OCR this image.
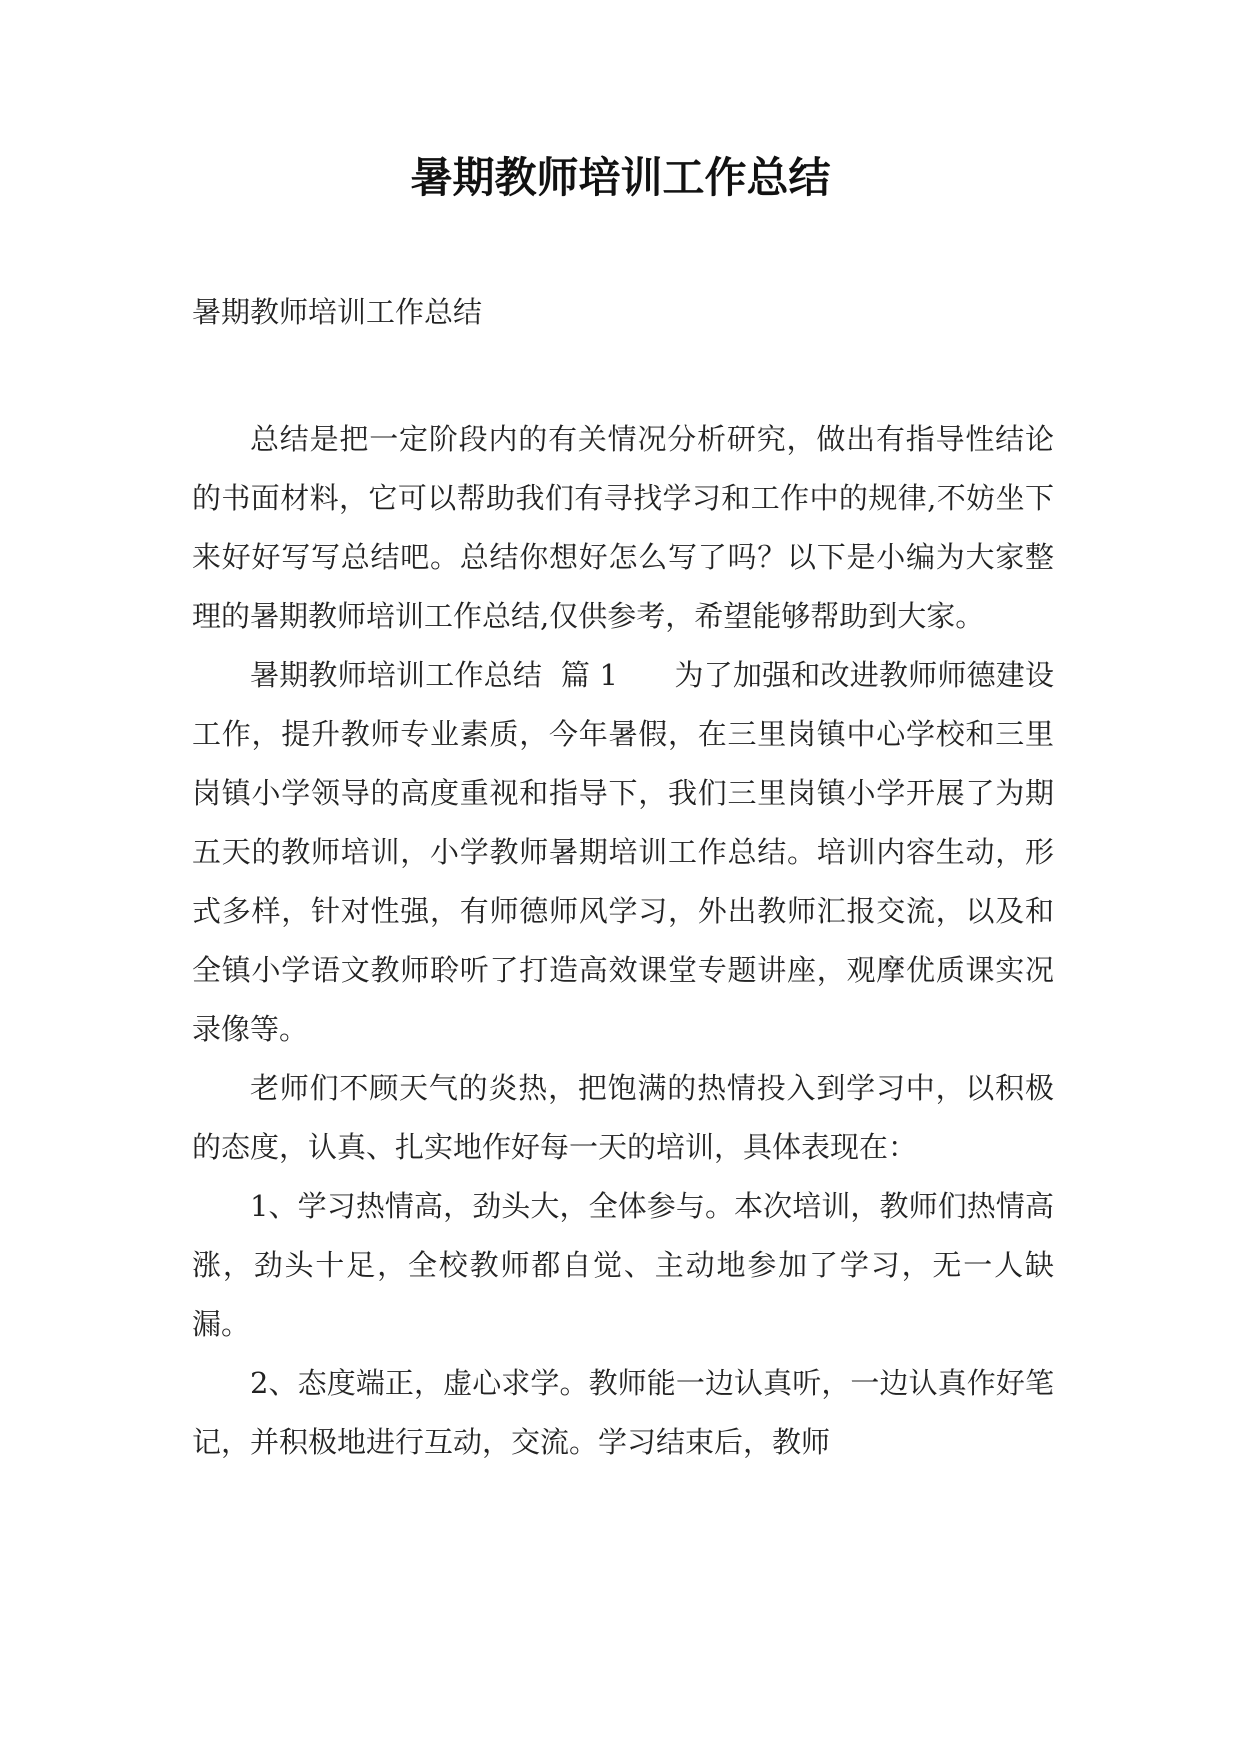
暑期教师培训工作总结
暑期教师培训工作总结

总结是把一定阶段内的有关情况分析研究，做出有指导性结论的书面材料，它可以帮助我们有寻找学习和工作中的规律,不妨坐下来好好写写总结吧。总结你想好怎么写了吗？以下是小编为大家整理的暑期教师培训工作总结,仅供参考，希望能够帮助到大家。

暑期教师培训工作总结  篇 1      为了加强和改进教师师德建设工作，提升教师专业素质，今年暑假，在三里岗镇中心学校和三里岗镇小学领导的高度重视和指导下，我们三里岗镇小学开展了为期五天的教师培训，小学教师暑期培训工作总结。培训内容生动，形式多样，针对性强，有师德师风学习，外出教师汇报交流，以及和全镇小学语文教师聆听了打造高效课堂专题讲座，观摩优质课实况录像等。

老师们不顾天气的炎热，把饱满的热情投入到学习中，以积极的态度，认真、扎实地作好每一天的培训，具体表现在：

1、学习热情高，劲头大，全体参与。本次培训，教师们热情高涨，劲头十足，全校教师都自觉、主动地参加了学习，无一人缺漏。

2、态度端正，虚心求学。教师能一边认真听，一边认真作好笔记，并积极地进行互动，交流。学习结束后，教师
